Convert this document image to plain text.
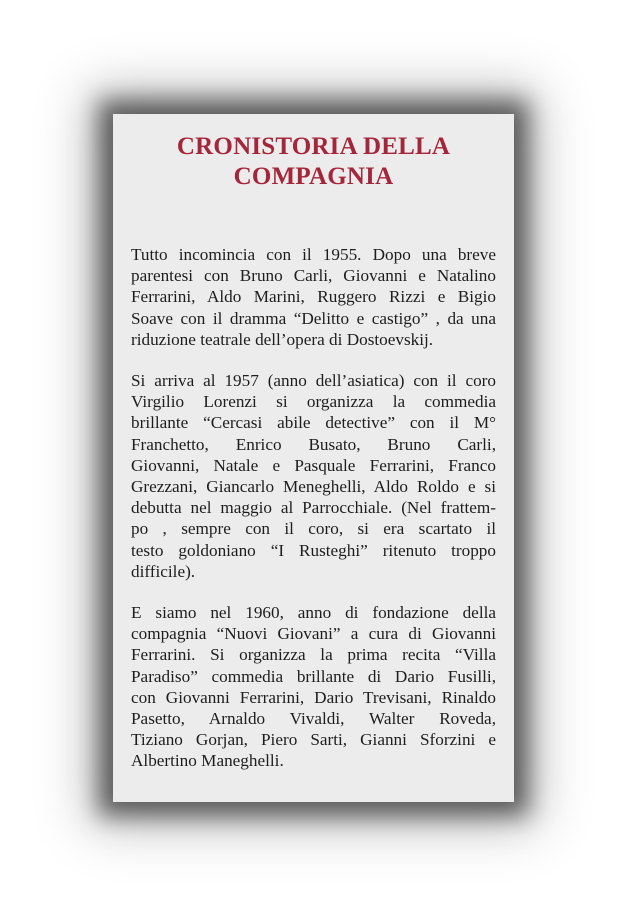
CRONISTORIA DELLA
COMPAGNIA

Tutto incomincia con il 1955. Dopo una breve
parentesi con Bruno Carli, Giovanni e Natalino
Ferrarini, Aldo Marini, Ruggero Rizzi e Bigio
Soave con il dramma “Delitto e castigo” , da una
riduzione teatrale dell’opera di Dostoevskij.

Si arriva al 1957 (anno dell’asiatica) con il coro
Virgilio Lorenzi si organizza la commedia
brillante “Cercasi abile detective” con il M°
Franchetto, Enrico Busato, Bruno Carli,
Giovanni, Natale e Pasquale Ferrarini, Franco
Grezzani, Giancarlo Meneghelli, Aldo Roldo e si
debutta nel maggio al Parrocchiale. (Nel frattem-
po , sempre con il coro, si era scartato il
testo goldoniano “I Rusteghi” ritenuto troppo
difficile).

E siamo nel 1960, anno di fondazione della
compagnia “Nuovi Giovani” a cura di Giovanni
Ferrarini. Si organizza la prima recita “Villa
Paradiso” commedia brillante di Dario Fusilli,
con Giovanni Ferrarini, Dario Trevisani, Rinaldo
Pasetto, Arnaldo Vivaldi, Walter Roveda,
Tiziano Gorjan, Piero Sarti, Gianni Sforzini e
Albertino Maneghelli.
